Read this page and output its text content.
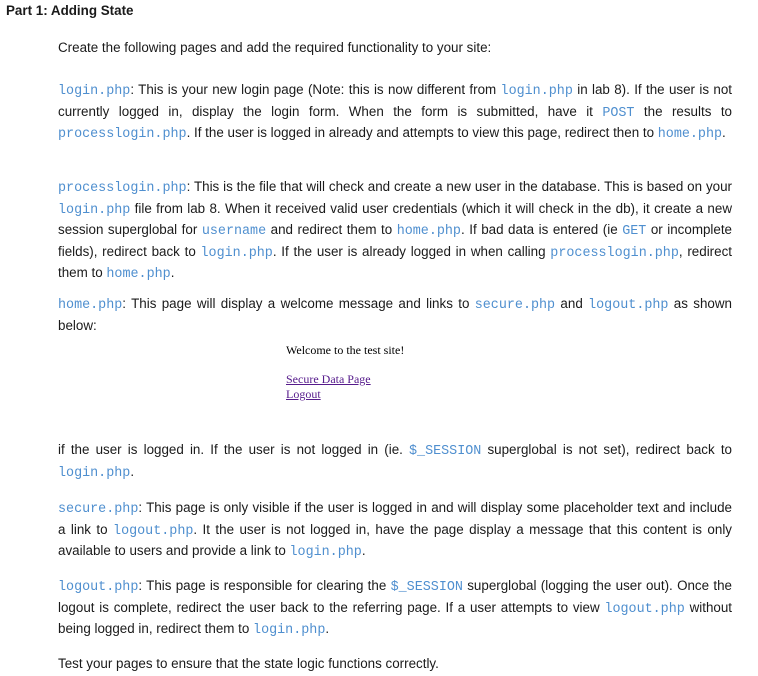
Part 1: Adding State

Create the following pages and add the required functionality to your site:

login.php: This is your new login page (Note: this is now different from login.php in lab 8). If the user is not currently logged in, display the login form. When the form is submitted, have it POST the results to processlogin.php. If the user is logged in already and attempts to view this page, redirect then to home.php.

processlogin.php: This is the file that will check and create a new user in the database. This is based on your login.php file from lab 8. When it received valid user credentials (which it will check in the db), it create a new session superglobal for username and redirect them to home.php. If bad data is entered (ie GET or incomplete fields), redirect back to login.php. If the user is already logged in when calling processlogin.php, redirect them to home.php.

home.php: This page will display a welcome message and links to secure.php and logout.php as shown below:

Welcome to the test site!

Secure Data Page
Logout

if the user is logged in. If the user is not logged in (ie. $_SESSION superglobal is not set), redirect back to login.php.

secure.php: This page is only visible if the user is logged in and will display some placeholder text and include a link to logout.php. It the user is not logged in, have the page display a message that this content is only available to users and provide a link to login.php.

logout.php: This page is responsible for clearing the $_SESSION superglobal (logging the user out). Once the logout is complete, redirect the user back to the referring page. If a user attempts to view logout.php without being logged in, redirect them to login.php.

Test your pages to ensure that the state logic functions correctly.
